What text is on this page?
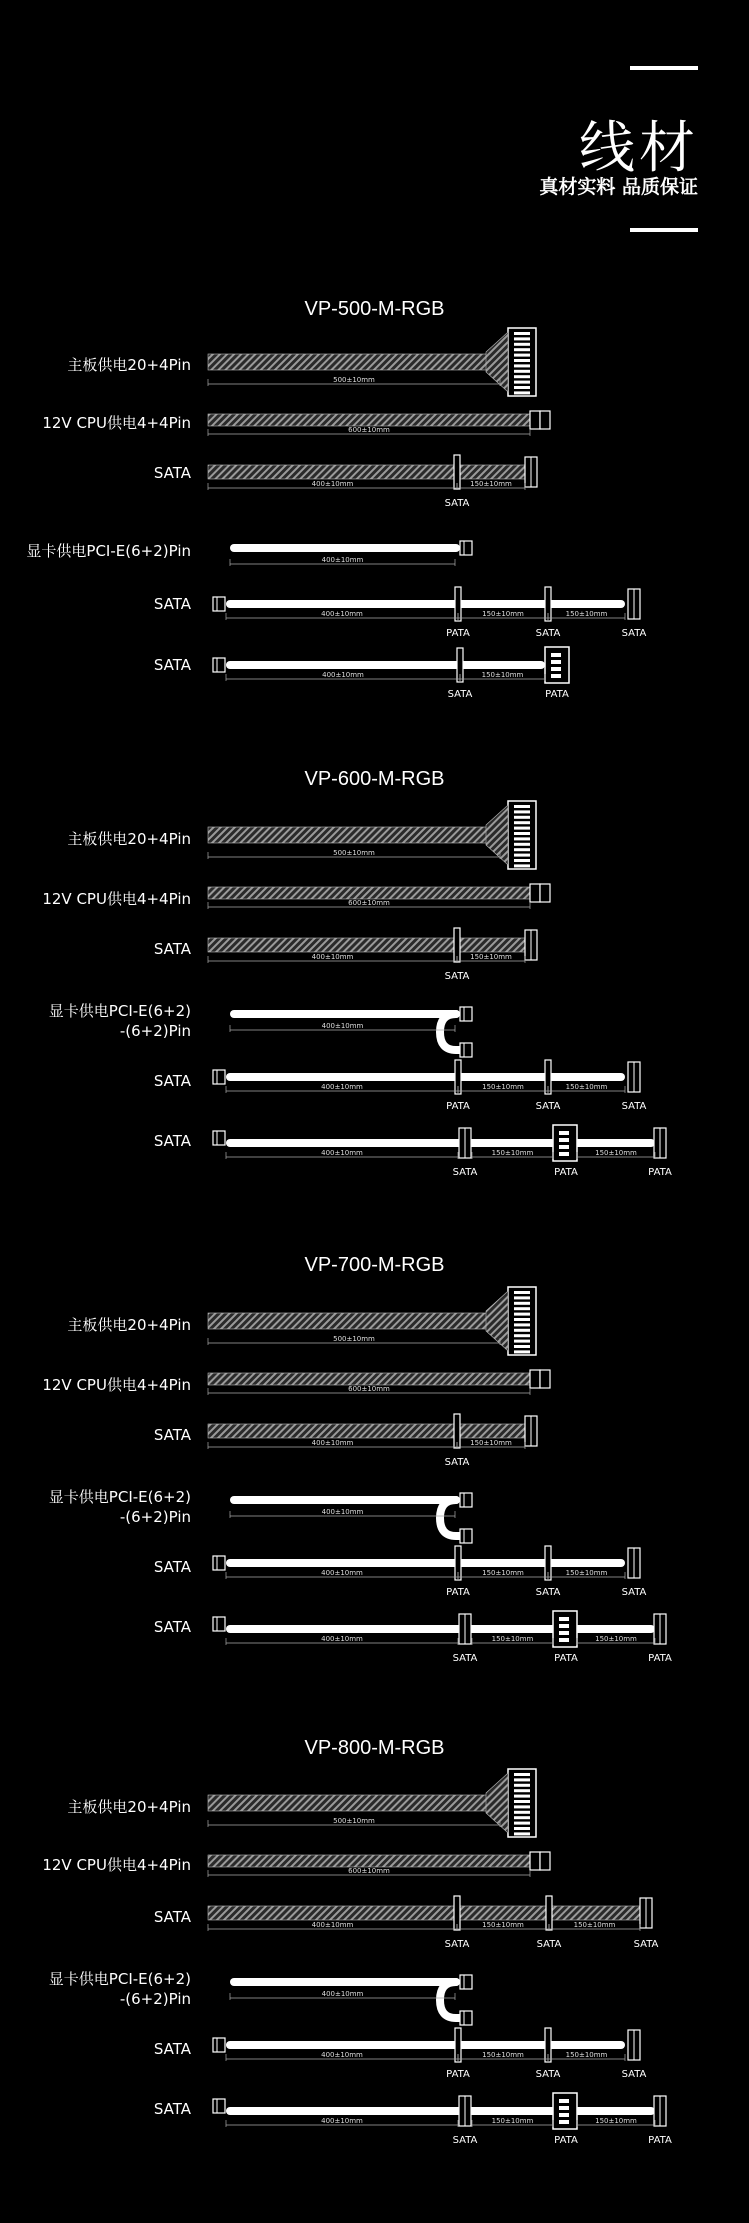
线材
真材实料 品质保证
VP-500-M-RGB
VP-600-M-RGB
VP-700-M-RGB
VP-800-M-RGB
主板供电20+4Pin
12V CPU供电4+4Pin
SATA
显卡供电PCI-E(6+2)Pin
SATA
SATA
主板供电20+4Pin
12V CPU供电4+4Pin
SATA
显卡供电PCI-E(6+2)
-(6+2)Pin
SATA
SATA
主板供电20+4Pin
12V CPU供电4+4Pin
SATA
显卡供电PCI-E(6+2)
-(6+2)Pin
SATA
SATA
主板供电20+4Pin
12V CPU供电4+4Pin
SATA
显卡供电PCI-E(6+2)
-(6+2)Pin
SATA
SATA
500±10mm
600±10mm
400±10mm	150±10mm
SATA
400±10mm
400±10mm	150±10mm	150±10mm
PATA	SATA	SATA
400±10mm	150±10mm
SATA	PATA
500±10mm
600±10mm
400±10mm	150±10mm
SATA
400±10mm
400±10mm	150±10mm	150±10mm
PATA	SATA	SATA
400±10mm	150±10mm	150±10mm
SATA	PATA	PATA
500±10mm
600±10mm
400±10mm	150±10mm
SATA
400±10mm
400±10mm	150±10mm	150±10mm
PATA	SATA	SATA
400±10mm	150±10mm	150±10mm
SATA	PATA	PATA
500±10mm
600±10mm
400±10mm	150±10mm	150±10mm
SATA	SATA	SATA
400±10mm
400±10mm	150±10mm	150±10mm
PATA	SATA	SATA
400±10mm	150±10mm	150±10mm
SATA	PATA	PATA
